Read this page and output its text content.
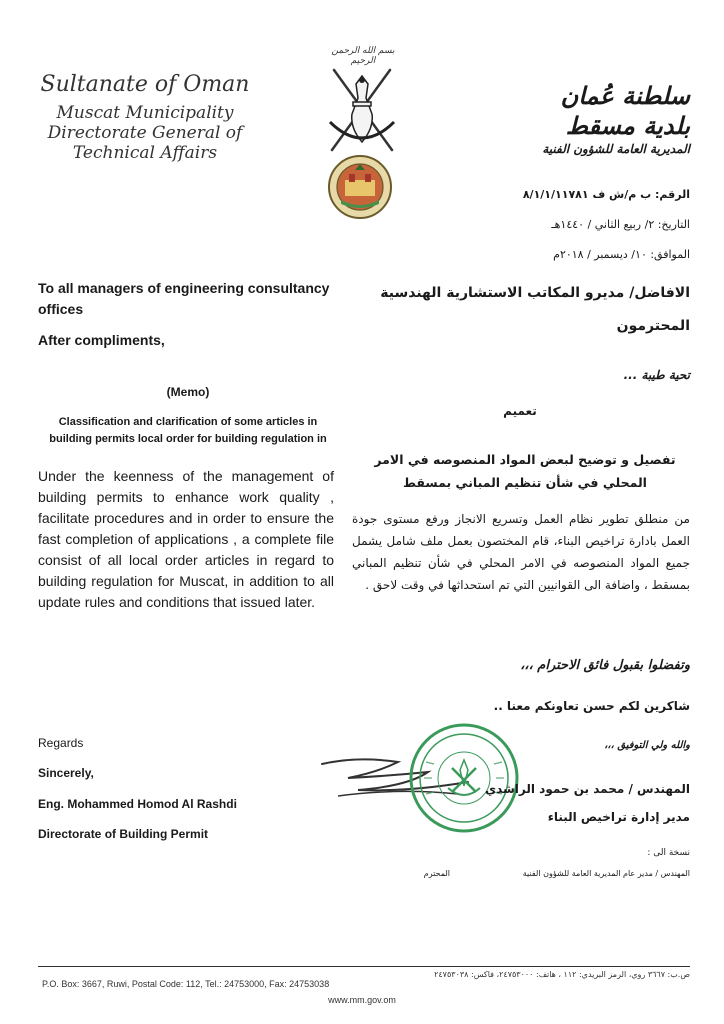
Sultanate of Oman
Muscat Municipality
Directorate General of
Technical Affairs
بسم الله الرحمن الرحيم
سلطنة عُمان
بلدية مسقط
المديرية العامة للشؤون الفنية
الرقم: ب م/ش ف ٨/١/١/١١٧٨١
التاريخ: ٢/ ربيع الثاني / ١٤٤٠هـ
الموافق: ١٠/ ديسمبر / ٢٠١٨م
To all managers of engineering consultancy offices
After compliments,
(Memo)
Classification and clarification of some articles in building permits local order for building regulation in
Under the keenness of the management of building permits to enhance work quality , facilitate procedures and in order to ensure the fast completion of applications , a complete file consist of all local order articles in regard to building regulation for Muscat, in addition to all update rules and conditions that issued later.
Regards
Sincerely,
Eng. Mohammed Homod Al Rashdi
Directorate of Building Permit
الافاضل/ مديرو المكاتب الاستشارية الهندسية
المحترمون
تحية طيبة ...
تعميم
تفصيل و توضيح لبعض المواد المنصوصه في الامر المحلي في شأن تنظيم المباني بمسقط
من منطلق تطوير نظام العمل وتسريع الانجاز ورفع مستوى جودة العمل بادارة تراخيص البناء، قام المختصون بعمل ملف شامل يشمل جميع المواد المنصوصه في الامر المحلي في شأن تنظيم المباني بمسقط ، واضافة الى القوانيين التي تم استحداثها في وقت لاحق .
وتفضلوا بقبول فائق الاحترام ،،،
شاكرين لكم حسن تعاونكم معنا ..
والله ولي التوفيق ،،،
المهندس / محمد بن حمود الراشدي
مدير إدارة تراخيص البناء
نسخة الى :
المهندس / مدير عام المديرية العامة للشؤون الفنية
المحترم
P.O. Box: 3667, Ruwi, Postal Code: 112, Tel.: 24753000, Fax: 24753038
ص.ب: ٣٦٦٧ روي، الرمز البريدي: ١١٢ ، هاتف: ٢٤٧٥٣٠٠٠، فاكس: ٢٤٧٥٣٠٣٨
www.mm.gov.om
